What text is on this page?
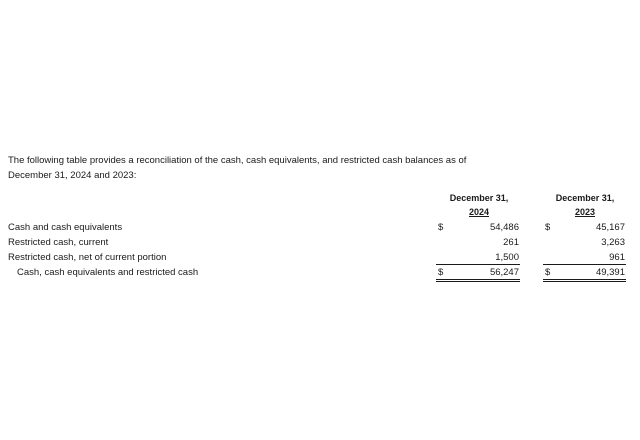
The following table provides a reconciliation of the cash, cash equivalents, and restricted cash balances as of
December 31, 2024 and 2023:
December 31,
2024
December 31,
2023
Cash and cash equivalents	$	54,486	$	45,167
Restricted cash, current	261	3,263
Restricted cash, net of current portion	1,500	961
Cash, cash equivalents and restricted cash	$	56,247	$	49,391
